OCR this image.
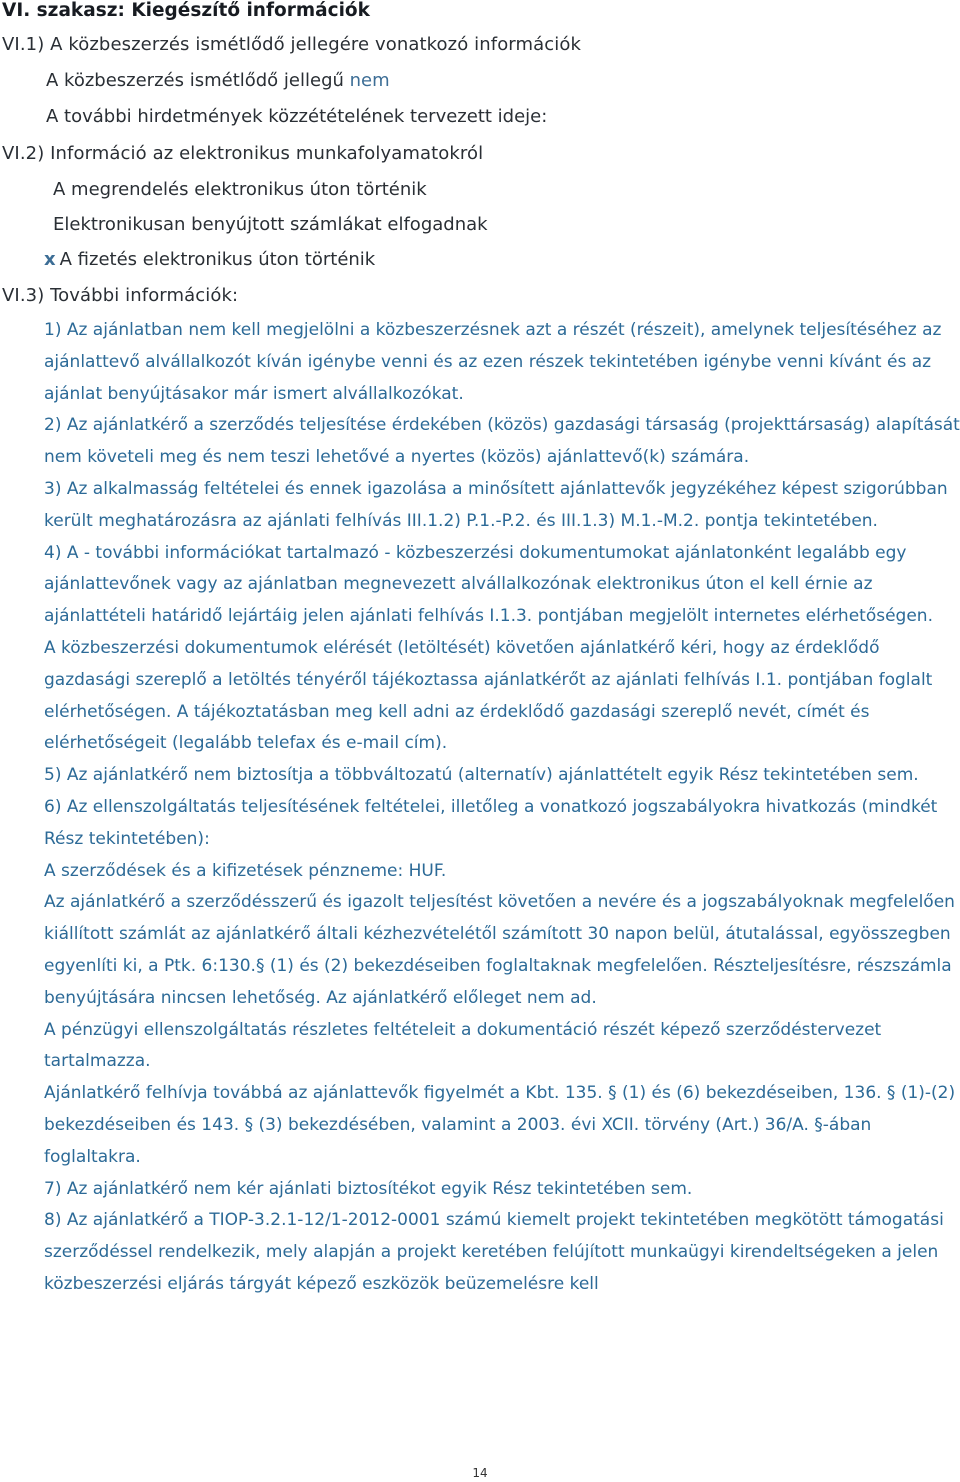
VI. szakasz: Kiegészítő információk
VI.1) A közbeszerzés ismétlődő jellegére vonatkozó információk
A közbeszerzés ismétlődő jellegű nem
A további hirdetmények közzétételének tervezett ideje:
VI.2) Információ az elektronikus munkafolyamatokról
A megrendelés elektronikus úton történik
Elektronikusan benyújtott számlákat elfogadnak
x A fizetés elektronikus úton történik
VI.3) További információk:

1) Az ajánlatban nem kell megjelölni a közbeszerzésnek azt a részét (részeit), amelynek teljesítéséhez az ajánlattevő alvállalkozót kíván igénybe venni és az ezen részek tekintetében igénybe venni kívánt és az ajánlat benyújtásakor már ismert alvállalkozókat.

2) Az ajánlatkérő a szerződés teljesítése érdekében (közös) gazdasági társaság (projekttársaság) alapítását nem követeli meg és nem teszi lehetővé a nyertes (közös) ajánlattevő(k) számára.

3) Az alkalmasság feltételei és ennek igazolása a minősített ajánlattevők jegyzékéhez képest szigorúbban került meghatározásra az ajánlati felhívás III.1.2) P.1.-P.2. és III.1.3) M.1.-M.2. pontja tekintetében.

4) A - további információkat tartalmazó - közbeszerzési dokumentumokat ajánlatonként legalább egy ajánlattevőnek vagy az ajánlatban megnevezett alvállalkozónak elektronikus úton el kell érnie az ajánlattételi határidő lejártáig jelen ajánlati felhívás I.1.3. pontjában megjelölt internetes elérhetőségen.

A közbeszerzési dokumentumok elérését (letöltését) követően ajánlatkérő kéri, hogy az érdeklődő gazdasági szereplő a letöltés tényéről tájékoztassa ajánlatkérőt az ajánlati felhívás I.1. pontjában foglalt elérhetőségen. A tájékoztatásban meg kell adni az érdeklődő gazdasági szereplő nevét, címét és elérhetőségeit (legalább telefax és e-mail cím).

5) Az ajánlatkérő nem biztosítja a többváltozatú (alternatív) ajánlattételt egyik Rész tekintetében sem.

6) Az ellenszolgáltatás teljesítésének feltételei, illetőleg a vonatkozó jogszabályokra hivatkozás (mindkét Rész tekintetében):

A szerződések és a kifizetések pénzneme: HUF.

Az ajánlatkérő a szerződésszerű és igazolt teljesítést követően a nevére és a jogszabályoknak megfelelően kiállított számlát az ajánlatkérő általi kézhezvételétől számított 30 napon belül, átutalással, egyösszegben egyenlíti ki, a Ptk. 6:130.§ (1) és (2) bekezdéseiben foglaltaknak megfelelően. Részteljesítésre, részszámla benyújtására nincsen lehetőség. Az ajánlatkérő előleget nem ad.

A pénzügyi ellenszolgáltatás részletes feltételeit a dokumentáció részét képező szerződéstervezet tartalmazza.

Ajánlatkérő felhívja továbbá az ajánlattevők figyelmét a Kbt. 135. § (1) és (6) bekezdéseiben, 136. § (1)-(2) bekezdéseiben és 143. § (3) bekezdésében, valamint a 2003. évi XCII. törvény (Art.) 36/A. §-ában foglaltakra.

7) Az ajánlatkérő nem kér ajánlati biztosítékot egyik Rész tekintetében sem.

8) Az ajánlatkérő a TIOP-3.2.1-12/1-2012-0001 számú kiemelt projekt tekintetében megkötött támogatási szerződéssel rendelkezik, mely alapján a projekt keretében felújított munkaügyi kirendeltségeken a jelen közbeszerzési eljárás tárgyát képező eszközök beüzemelésre kell

14
